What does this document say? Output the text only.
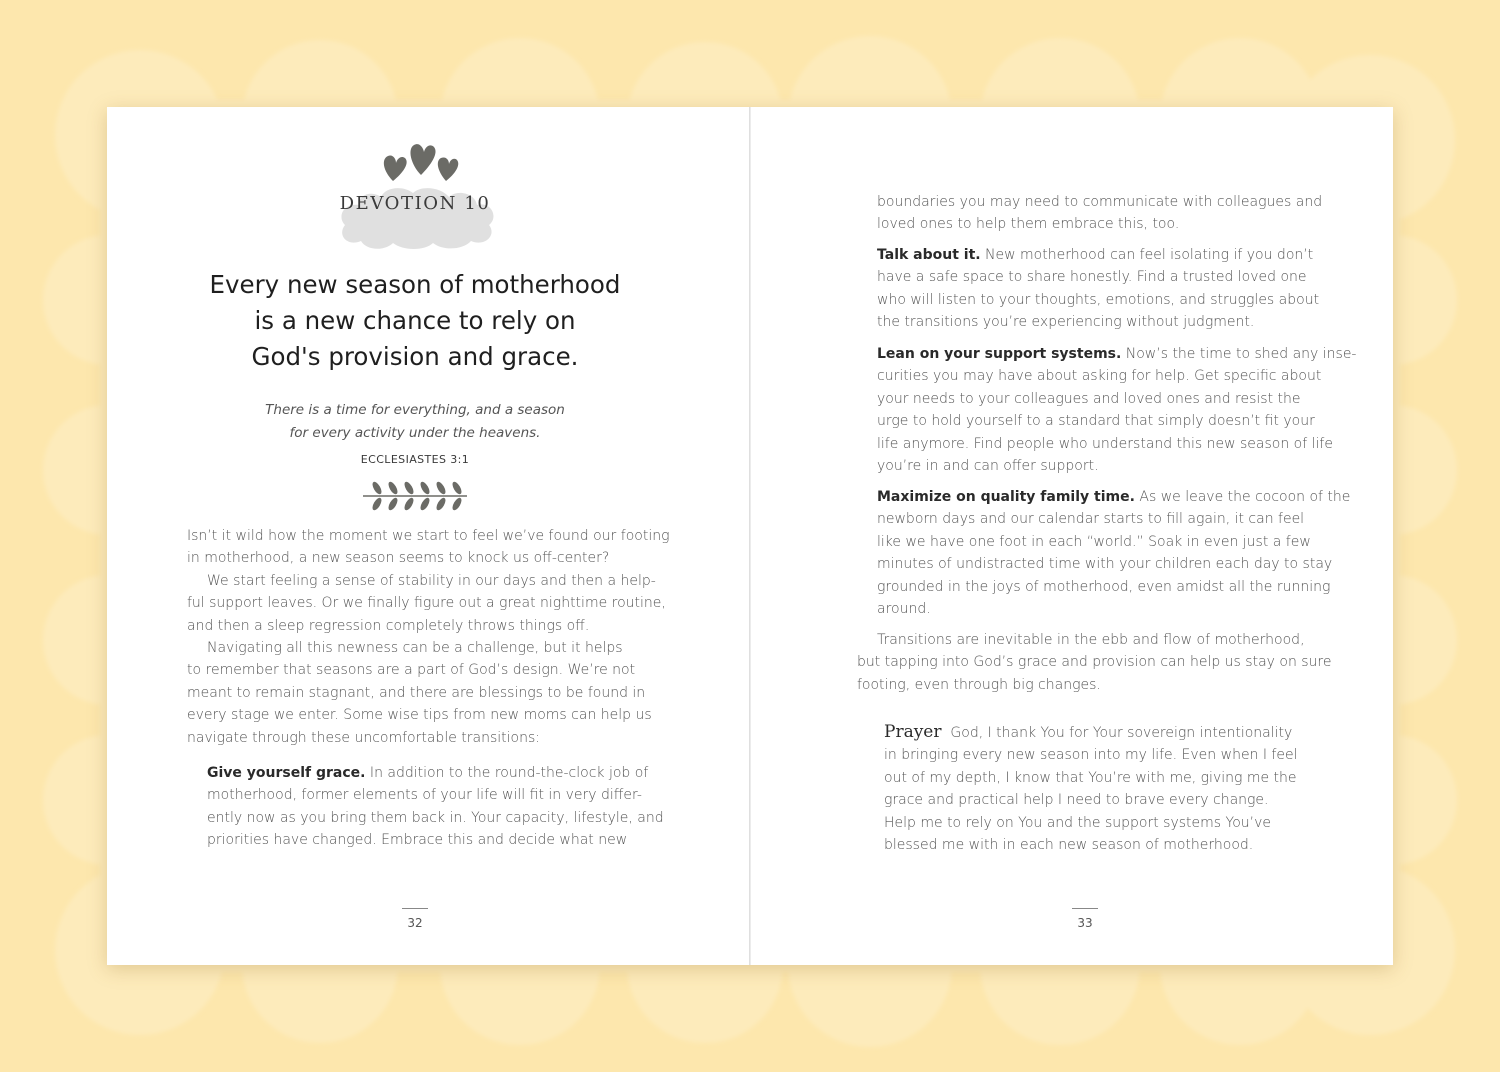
DEVOTION 10
Every new season of motherhood
is a new chance to rely on
God's provision and grace.
There is a time for everything, and a season
for every activity under the heavens.
ECCLESIASTES 3:1
Isn’t it wild how the moment we start to feel we’ve found our footing
in motherhood, a new season seems to knock us off-center?
We start feeling a sense of stability in our days and then a help-
ful support leaves. Or we finally figure out a great nighttime routine,
and then a sleep regression completely throws things off.
Navigating all this newness can be a challenge, but it helps
to remember that seasons are a part of God’s design. We’re not
meant to remain stagnant, and there are blessings to be found in
every stage we enter. Some wise tips from new moms can help us
navigate through these uncomfortable transitions:
Give yourself grace. In addition to the round-the-clock job of
motherhood, former elements of your life will fit in very differ-
ently now as you bring them back in. Your capacity, lifestyle, and
priorities have changed. Embrace this and decide what new
32
boundaries you may need to communicate with colleagues and
loved ones to help them embrace this, too.
Talk about it. New motherhood can feel isolating if you don’t
have a safe space to share honestly. Find a trusted loved one
who will listen to your thoughts, emotions, and struggles about
the transitions you’re experiencing without judgment.
Lean on your support systems. Now’s the time to shed any inse-
curities you may have about asking for help. Get specific about
your needs to your colleagues and loved ones and resist the
urge to hold yourself to a standard that simply doesn’t fit your
life anymore. Find people who understand this new season of life
you’re in and can offer support.
Maximize on quality family time. As we leave the cocoon of the
newborn days and our calendar starts to fill again, it can feel
like we have one foot in each “world.” Soak in even just a few
minutes of undistracted time with your children each day to stay
grounded in the joys of motherhood, even amidst all the running
around.
Transitions are inevitable in the ebb and flow of motherhood,
but tapping into God’s grace and provision can help us stay on sure
footing, even through big changes.
Prayer God, I thank You for Your sovereign intentionality
in bringing every new season into my life. Even when I feel
out of my depth, I know that You’re with me, giving me the
grace and practical help I need to brave every change.
Help me to rely on You and the support systems You’ve
blessed me with in each new season of motherhood.
33
